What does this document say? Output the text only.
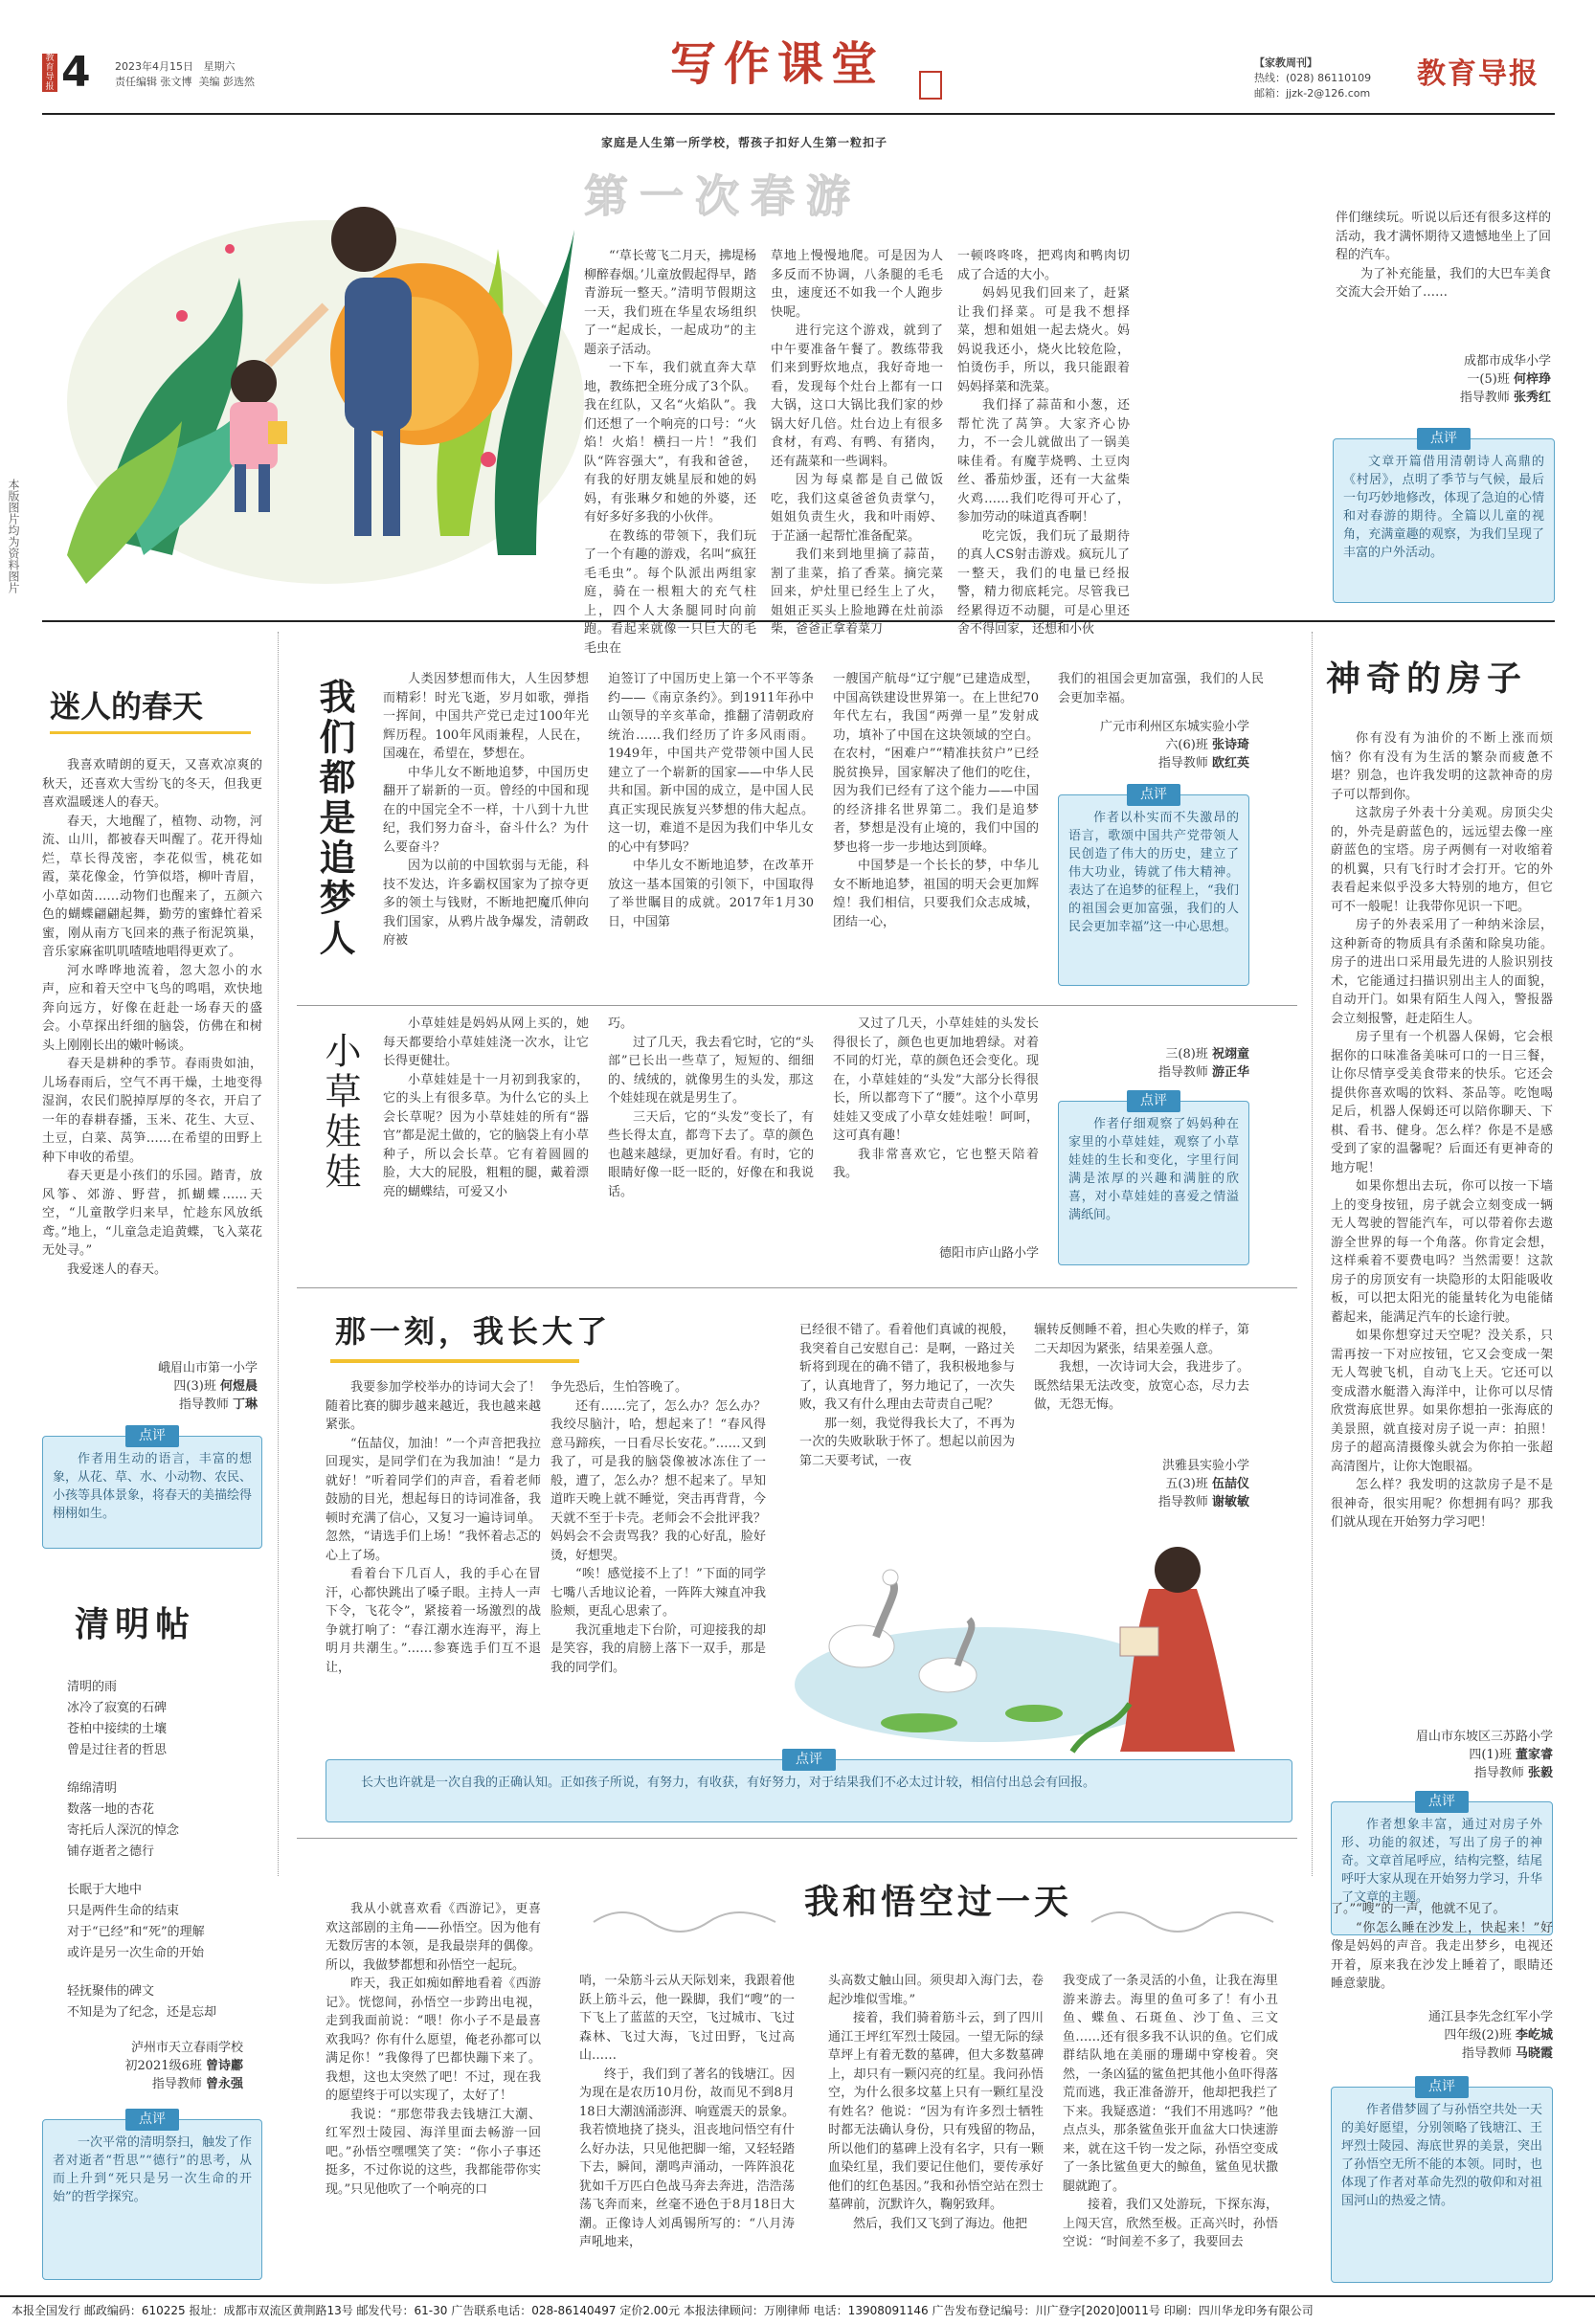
4
教育导报
2023年4月15日 星期六
责任编辑 张文博 美编 彭选然	写作课堂
家庭是人生第一所学校，帮孩子扣好人生第一粒扣子
【家教周刊】
热线：(028) 86110109
邮箱：jjzk-2@126.com
教育导报
本版图片均为资料图片
第一次春游

“‘草长莺飞二月天，拂堤杨柳醉春烟。’儿童放假起得早，踏青游玩一整天。”清明节假期这一天，我们班在华星农场组织了一“起成长，一起成功”的主题亲子活动。

一下车，我们就直奔大草地，教练把全班分成了3个队。我在红队，又名“火焰队”。我们还想了一个响亮的口号：“火焰！火焰！横扫一片！”我们队“阵容强大”，有我和爸爸，有我的好朋友姚星辰和她的妈妈，有张琳夕和她的外婆，还有好多好多我的小伙伴。

在教练的带领下，我们玩了一个有趣的游戏，名叫“疯狂毛毛虫”。每个队派出两组家庭，骑在一根粗大的充气柱上，四个人大条腿同时向前跑。看起来就像一只巨大的毛毛虫在

草地上慢慢地爬。可是因为人多反而不协调，八条腿的毛毛虫，速度还不如我一个人跑步快呢。

进行完这个游戏，就到了中午要准备午餐了。教练带我们来到野炊地点，我好奇地一看，发现每个灶台上都有一口大锅，这口大锅比我们家的炒锅大好几倍。灶台边上有很多食材，有鸡、有鸭、有猪肉，还有蔬菜和一些调料。

因为每桌都是自己做饭吃，我们这桌爸爸负责掌勺，姐姐负责生火，我和叶雨婷、于芷涵一起帮忙准备配菜。

我们来到地里摘了蒜苗，割了韭菜，掐了香菜。摘完菜回来，炉灶里已经生上了火，姐姐正买头上脸地蹲在灶前添柴，爸爸正拿着菜刀

一顿咚咚咚，把鸡肉和鸭肉切成了合适的大小。

妈妈见我们回来了，赶紧让我们择菜。可是我不想择菜，想和姐姐一起去烧火。妈妈说我还小，烧火比较危险，怕烫伤手，所以，我只能跟着妈妈择菜和洗菜。

我们择了蒜苗和小葱，还帮忙洗了莴笋。大家齐心协力，不一会儿就做出了一锅美味佳肴。有魔芋烧鸭、土豆肉丝、番茄炒蛋，还有一大盆柴火鸡……我们吃得可开心了，参加劳动的味道真香啊！

吃完饭，我们玩了最期待的真人CS射击游戏。疯玩儿了一整天，我们的电量已经报警，精力彻底耗完。尽管我已经累得迈不动腿，可是心里还舍不得回家，还想和小伙

伴们继续玩。听说以后还有很多这样的活动，我才满怀期待又遗憾地坐上了回程的汽车。

为了补充能量，我们的大巴车美食交流大会开始了……

成都市成华小学
一(5)班 何梓琤
指导教师 张秀红
点评
文章开篇借用清朝诗人高鼎的《村居》，点明了季节与气候，最后一句巧妙地修改，体现了急迫的心情和对春游的期待。全篇以儿童的视角，充满童趣的观察，为我们呈现了丰富的户外活动。
迷人的春天

我喜欢晴朗的夏天，又喜欢凉爽的秋天，还喜欢大雪纷飞的冬天，但我更喜欢温暖迷人的春天。

春天，大地醒了，植物、动物，河流、山川，都被春天叫醒了。花开得灿烂，草长得茂密，李花似雪，桃花如霞，菜花像金，竹笋似塔，柳叶青眉，小草如茵……动物们也醒来了，五颜六色的蝴蝶翩翩起舞，勤劳的蜜蜂忙着采蜜，刚从南方飞回来的燕子衔泥筑巢，音乐家麻雀叽叽喳喳地唱得更欢了。

河水哗哗地流着，忽大忽小的水声，应和着天空中飞鸟的鸣唱，欢快地奔向远方，好像在赶赴一场春天的盛会。小草探出纤细的脑袋，仿佛在和树头上刚刚长出的嫩叶畅谈。

春天是耕种的季节。春雨贵如油，儿场春雨后，空气不再干燥，土地变得湿润，农民们脱掉厚厚的冬衣，开启了一年的春耕春播，玉米、花生、大豆、土豆，白菜、莴笋……在希望的田野上种下申收的希望。

春天更是小孩们的乐园。踏青，放风筝、郊游、野营，抓蝴蝶……天空，“儿童散学归来早，忙趁东风放纸鸢。”地上，“儿童急走追黄蝶，飞入菜花无处寻。”

我爱迷人的春天。

峨眉山市第一小学
四(3)班 何煜晨
指导教师 丁琳
点评
作者用生动的语言，丰富的想象，从花、草、水、小动物、农民、小孩等具体景象，将春天的美描绘得栩栩如生。
我们都是追梦人	人类因梦想而伟大，人生因梦想而精彩！时光飞逝，岁月如歌，弹指一挥间，中国共产党已走过100年光辉历程。100年风雨兼程，人民在，国魂在，希望在，梦想在。

中华儿女不断地追梦，中国历史翻开了崭新的一页。曾经的中国和现在的中国完全不一样，十八到十九世纪，我们努力奋斗，奋斗什么？为什么要奋斗？

因为以前的中国软弱与无能，科技不发达，许多霸权国家为了掠夺更多的领土与钱财，不断地把魔爪伸向我们国家，从鸦片战争爆发，清朝政府被

迫签订了中国历史上第一个不平等条约——《南京条约》。到1911年孙中山领导的辛亥革命，推翻了清朝政府统治……我们经历了许多风雨雨。1949年，中国共产党带领中国人民建立了一个崭新的国家——中华人民共和国。新中国的成立，是中国人民真正实现民族复兴梦想的伟大起点。这一切，难道不是因为我们中华儿女的心中有梦吗？

中华儿女不断地追梦，在改革开放这一基本国策的引领下，中国取得了举世瞩目的成就。2017年1月30日，中国第

一艘国产航母“辽宁舰”已建造成型，中国高铁建设世界第一。在上世纪70年代左右，我国“两弹一星”发射成功，填补了中国在这块领域的空白。在农村，“困难户”“精准扶贫户”已经脱贫换异，国家解决了他们的吃住，因为我们已经有了这个能力——中国的经济排名世界第二。我们是追梦者，梦想是没有止境的，我们中国的梦也将一步一步地达到顶峰。

中国梦是一个长长的梦，中华儿女不断地追梦，祖国的明天会更加辉煌！我们相信，只要我们众志成城，团结一心，

我们的祖国会更加富强，我们的人民会更加幸福。

广元市利州区东城实验小学
六(6)班 张诗琦
指导教师 欧红英
点评
作者以朴实而不失激昂的语言，歌颂中国共产党带领人民创造了伟大的历史，建立了伟大功业，铸就了伟大精神。表达了在追梦的征程上，“我们的祖国会更加富强，我们的人民会更加幸福”这一中心思想。
小草娃娃

小草娃娃是妈妈从网上买的，她每天都要给小草娃娃浇一次水，让它长得更健壮。

小草娃娃是十一月初到我家的，它的头上有很多草。为什么它的头上会长草呢？因为小草娃娃的所有“器官”都是泥土做的，它的脑袋上有小草种子，所以会长草。它有着圆圆的脸，大大的屁股，粗粗的腿，戴着漂亮的蝴蝶结，可爱又小

巧。

过了几天，我去看它时，它的“头部”已长出一些草了，短短的、细细的、绒绒的，就像男生的头发，那这个娃娃现在就是男生了。

三天后，它的“头发”变长了，有些长得太直，都弯下去了。草的颜色也越来越绿，更加好看。有时，它的眼睛好像一眨一眨的，好像在和我说话。

又过了几天，小草娃娃的头发长得很长了，颜色也更加地碧绿。对着不同的灯光，草的颜色还会变化。现在，小草娃娃的“头发”大部分长得很长，所以都弯下了“腰”。这个小草男娃娃又变成了小草女娃娃啦！呵呵，这可真有趣！

我非常喜欢它，它也整天陪着我。

德阳市庐山路小学
三(8)班 祝翊童
指导教师 游正华
点评
作者仔细观察了妈妈种在家里的小草娃娃，观察了小草娃娃的生长和变化，字里行间满是浓厚的兴趣和满脏的欣喜，对小草娃娃的喜爱之情溢满纸间。
神奇的房子

你有没有为油价的不断上涨而烦恼？你有没有为生活的繁杂而疲惫不堪？别急，也许我发明的这款神奇的房子可以帮到你。

这款房子外表十分美观。房顶尖尖的，外壳是蔚蓝色的，远远望去像一座蔚蓝色的宝塔。房子两侧有一对收缩着的机翼，只有飞行时才会打开。它的外表看起来似乎没多大特别的地方，但它可不一般呢！让我带你见识一下吧。

房子的外表采用了一种纳米涂层，这种新奇的物质具有杀菌和除臭功能。房子的进出口采用最先进的人脸识别技术，它能通过扫描识别出主人的面貌，自动开门。如果有陌生人闯入，警报器会立刻报警，赶走陌生人。

房子里有一个机器人保姆，它会根据你的口味准备美味可口的一日三餐，让你尽情享受美食带来的快乐。它还会提供你喜欢喝的饮料、茶品等。吃饱喝足后，机器人保姆还可以陪你聊天、下棋、看书、健身。怎么样？你是不是感受到了家的温馨呢？后面还有更神奇的地方呢！

如果你想出去玩，你可以按一下墙上的变身按钮，房子就会立刻变成一辆无人驾驶的智能汽车，可以带着你去遨游全世界的每一个角落。你肯定会想，这样乘着不要费电吗？当然需要！这款房子的房顶安有一块隐形的太阳能吸收板，可以把太阳光的能量转化为电能储蓄起来，能满足汽车的长途行驶。

如果你想穿过天空呢？没关系，只需再按一下对应按钮，它又会变成一架无人驾驶飞机，自动飞上天。它还可以变成潜水艇潜入海洋中，让你可以尽情欣赏海底世界。如果你想拍一张海底的美景照，就直接对房子说一声：拍照！房子的超高清摄像头就会为你拍一张超高清图片，让你大饱眼福。

怎么样？我发明的这款房子是不是很神奇，很实用呢？你想拥有吗？那我们就从现在开始努力学习吧！

眉山市东坡区三苏路小学
四(1)班 董家睿
指导教师 张毅
点评
作者想象丰富，通过对房子外形、功能的叙述，写出了房子的神奇。文章首尾呼应，结构完整，结尾呼吁大家从现在开始努力学习，升华了文章的主题。
那一刻，我长大了

我要参加学校举办的诗词大会了！随着比赛的脚步越来越近，我也越来越紧张。

“伍喆仪，加油！”一个声音把我拉回现实，是同学们在为我加油！“是力就好！”听着同学们的声音，看着老师鼓励的目光，想起每日的诗词准备，我顿时充满了信心，又复习一遍诗词单。忽然，“请选手们上场！”我怀着忐忑的心上了场。

看着台下几百人，我的手心在冒汗，心都快跳出了嗓子眼。主持人一声下令，飞花令”，紧接着一场激烈的战争就打响了：“春江潮水连海平，海上明月共潮生。”……参赛选手们互不退让，

争先恐后，生怕答晚了。

还有……完了，怎么办？怎么办？我绞尽脑汁，哈，想起来了！“春风得意马蹄疾，一日看尽长安花。”……又到我了，可是我的脑袋像被冰冻住了一般，遭了，怎么办？想不起来了。早知道昨天晚上就不睡觉，突击再背背，今天就不至于卡壳。老师会不会批评我？妈妈会不会责骂我？我的心好乱，脸好烫，好想哭。

“唉！感觉接不上了！”下面的同学七嘴八舌地议论着，一阵阵大辣直冲我脸颊，更乱心思索了。

我沉重地走下台阶，可迎接我的却是笑容，我的肩膀上落下一双手，那是我的同学们。

已经很不错了。看着他们真诚的视般，我突着自己安慰自己：是啊，一路过关斩将到现在的确不错了，我积极地参与了，认真地背了，努力地记了，一次失败，我又有什么理由去苛责自己呢？

那一刻，我觉得我长大了，不再为一次的失败耿耿于怀了。想起以前因为第二天要考试，一夜

辗转反侧睡不着，担心失败的样子，第二天却因为紧张，结果差强人意。

我想，一次诗词大会，我进步了。既然结果无法改变，放宽心态，尽力去做，无怨无悔。

洪雅县实验小学
五(3)班 伍喆仪
指导教师 谢敏敏
点评
长大也许就是一次自我的正确认知。正如孩子所说，有努力，有收获，有好努力，对于结果我们不必太过计较，相信付出总会有回报。
清明帖
清明的雨
冰冷了寂寞的石碑
苍柏中接续的土壤
曾是过往者的哲思
绵绵清明
数落一地的杏花
寄托后人深沉的悼念
铺存逝者之德行
长眠于大地中
只是两件生命的结束
对于“已经”和“死”的理解
或许是另一次生命的开始
轻抚聚伟的碑文
不知是为了纪念，还是忘却
泸州市天立春雨学校
初2021级6班 曾诗鄘
指导教师 曾永强
点评
一次平常的清明祭扫，触发了作者对逝者“哲思”“德行”的思考，从而上升到“死只是另一次生命的开始”的哲学探究。
我和悟空过一天

我从小就喜欢看《西游记》，更喜欢这部剧的主角——孙悟空。因为他有无数厉害的本领，是我最崇拜的偶像。所以，我做梦都想和孙悟空一起玩。

昨天，我正如痴如醉地看着《西游记》。恍惚间，孙悟空一步跨出电视，走到我面前说：“喂！你小子不是最喜欢我吗？你有什么愿望，俺老孙都可以满足你！”我像得了巴都快蹦下来了。我想，这也太突然了吧！不过，现在我的愿望终于可以实现了，太好了！

我说：“那您带我去钱塘江大潮、红军烈士陵园、海洋里面去畅游一回吧。”孙悟空嘿嘿笑了笑：“你小子事还挺多，不过你说的这些，我都能带你实现。”只见他吹了一个响亮的口

哨，一朵筋斗云从天际划来，我跟着他跃上筋斗云，他一跺脚，我们“嗖”的一下飞上了蓝蓝的天空，飞过城市、飞过森林、飞过大海，飞过田野，飞过高山……

终于，我们到了著名的钱塘江。因为现在是农历10月份，故而见不到8月18日大潮汹涌澎湃、响霆震天的景象。我若愤地挠了挠头，沮丧地问悟空有什么好办法，只见他把脚一缩，又轻轻踏下去，瞬间，潮鸣声涌动，一阵阵浪花犹如千万匹白色战马奔去奔进，浩浩荡荡飞奔而来，丝毫不逊色于8月18日大潮。正像诗人刘禹锡所写的：“八月涛声吼地来，

头高数丈触山回。须臾却入海门去，卷起沙堆似雪堆。”

接着，我们骑着筋斗云，到了四川通江王坪红军烈士陵园。一望无际的绿草坪上有着无数的墓碑，但大多数墓碑上，却只有一颗闪亮的红星。我问孙悟空，为什么很多坟墓上只有一颗红星没有姓名？他说：“因为有许多烈士牺牲时都无法确认身份，只有残留的物品，所以他们的墓碑上没有名字，只有一颗血染红星，我们要记住他们，要传承好他们的红色基因。”我和孙悟空站在烈士墓碑前，沉默许久，鞠躬致拜。

然后，我们又飞到了海边。他把

我变成了一条灵活的小鱼，让我在海里游来游去。海里的鱼可多了！有小丑鱼、蝶鱼、石斑鱼、沙丁鱼、三文鱼……还有很多我不认识的鱼。它们成群结队地在美丽的珊瑚中穿梭着。突然，一条凶猛的鲨鱼把其他小鱼吓得落荒而逃，我正准备游开，他却把我拦了下来。我疑惑道：“我们不用逃吗？”他点点头，那条鲨鱼张开血盆大口快速游来，就在这千钧一发之际，孙悟空变成了一条比鲨鱼更大的鲸鱼，鲨鱼见状撒腿就跑了。

接着，我们又处游玩，下探东海，上闯天宫，欣然至极。正高兴时，孙悟空说：“时间差不多了，我要回去

了。”“嗖”的一声，他就不见了。

“你怎么睡在沙发上，快起来！”好像是妈妈的声音。我走出梦乡，电视还开着，原来我在沙发上睡着了，眼睛还睡意蒙胧。

通江县李先念红军小学
四年级(2)班 李屹城
指导教师 马晓霞
点评
作者借梦圆了与孙悟空共处一天的美好愿望，分别领略了钱塘江、王坪烈士陵园、海底世界的美景，突出了孙悟空无所不能的本领。同时，也体现了作者对革命先烈的敬仰和对祖国河山的热爱之情。
本报全国发行 邮政编码：610225 报址：成都市双流区黄荆路13号 邮发代号：61-30 广告联系电话：028-86140497 定价2.00元 本报法律顾问：万刚律师 电话：13908091146 广告发布登记编号：川广登字[2020]0011号 印刷：四川华龙印务有限公司
